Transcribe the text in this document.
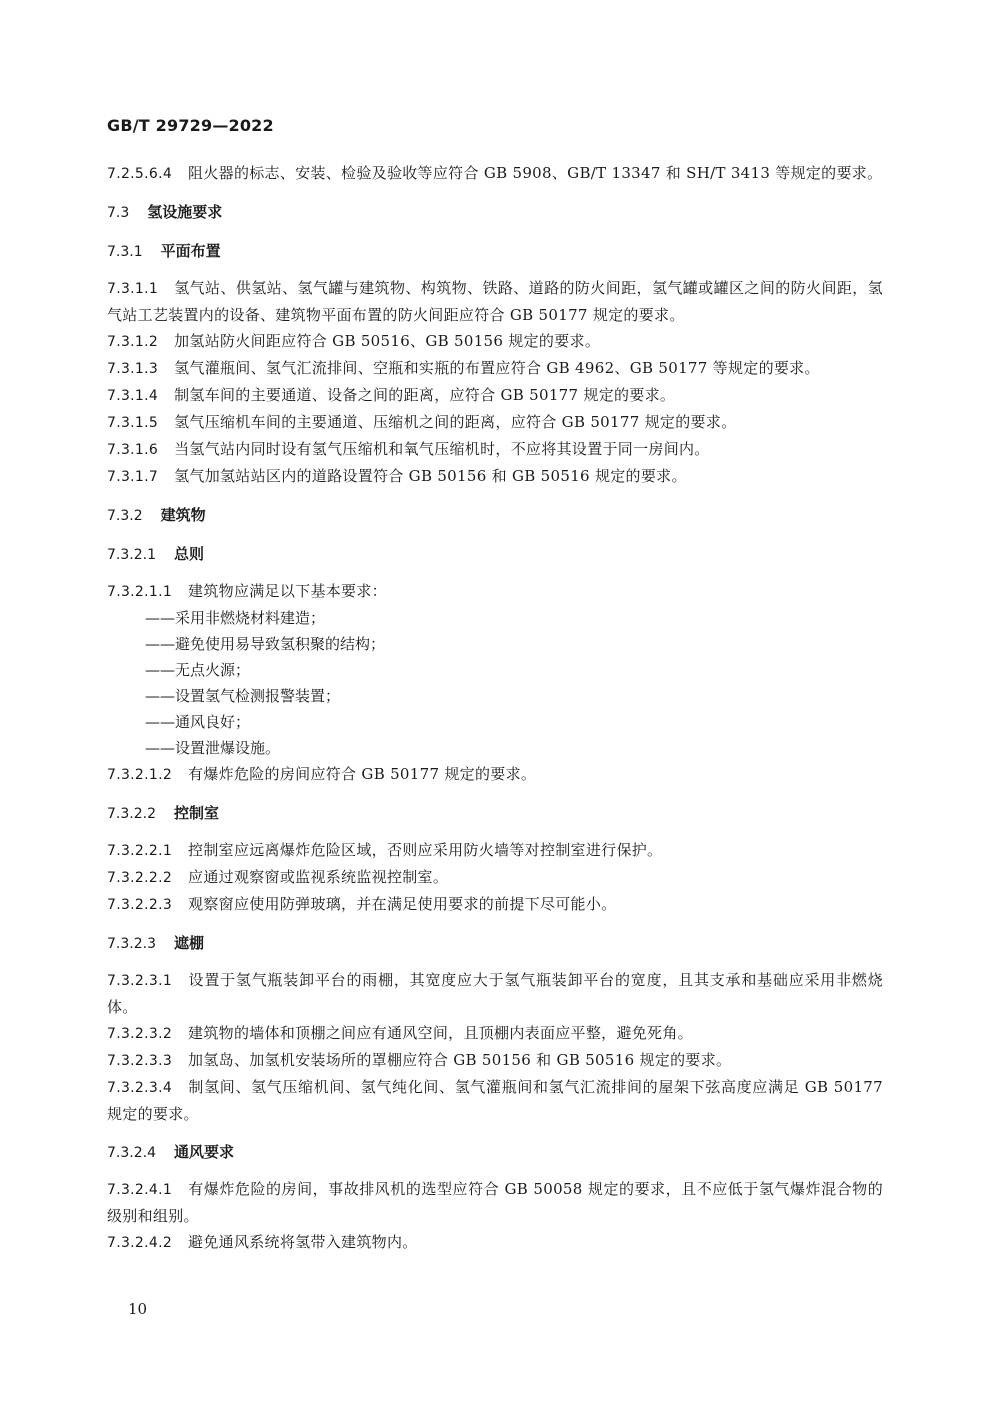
GB/T 29729—2022
7.2.5.6.4 阻火器的标志、安装、检验及验收等应符合 GB 5908、GB/T 13347 和 SH/T 3413 等规定的要求。
7.3 氢设施要求
7.3.1 平面布置
7.3.1.1 氢气站、供氢站、氢气罐与建筑物、构筑物、铁路、道路的防火间距，氢气罐或罐区之间的防火间距，氢气站工艺装置内的设备、建筑物平面布置的防火间距应符合 GB 50177 规定的要求。
7.3.1.2 加氢站防火间距应符合 GB 50516、GB 50156 规定的要求。
7.3.1.3 氢气灌瓶间、氢气汇流排间、空瓶和实瓶的布置应符合 GB 4962、GB 50177 等规定的要求。
7.3.1.4 制氢车间的主要通道、设备之间的距离，应符合 GB 50177 规定的要求。
7.3.1.5 氢气压缩机车间的主要通道、压缩机之间的距离，应符合 GB 50177 规定的要求。
7.3.1.6 当氢气站内同时设有氢气压缩机和氧气压缩机时，不应将其设置于同一房间内。
7.3.1.7 氢气加氢站站区内的道路设置符合 GB 50156 和 GB 50516 规定的要求。
7.3.2 建筑物
7.3.2.1 总则
7.3.2.1.1 建筑物应满足以下基本要求：
——采用非燃烧材料建造；
——避免使用易导致氢积聚的结构；
——无点火源；
——设置氢气检测报警装置；
——通风良好；
——设置泄爆设施。
7.3.2.1.2 有爆炸危险的房间应符合 GB 50177 规定的要求。
7.3.2.2 控制室
7.3.2.2.1 控制室应远离爆炸危险区域，否则应采用防火墙等对控制室进行保护。
7.3.2.2.2 应通过观察窗或监视系统监视控制室。
7.3.2.2.3 观察窗应使用防弹玻璃，并在满足使用要求的前提下尽可能小。
7.3.2.3 遮棚
7.3.2.3.1 设置于氢气瓶装卸平台的雨棚，其宽度应大于氢气瓶装卸平台的宽度，且其支承和基础应采用非燃烧体。
7.3.2.3.2 建筑物的墙体和顶棚之间应有通风空间，且顶棚内表面应平整，避免死角。
7.3.2.3.3 加氢岛、加氢机安装场所的罩棚应符合 GB 50156 和 GB 50516 规定的要求。
7.3.2.3.4 制氢间、氢气压缩机间、氢气纯化间、氢气灌瓶间和氢气汇流排间的屋架下弦高度应满足 GB 50177 规定的要求。
7.3.2.4 通风要求
7.3.2.4.1 有爆炸危险的房间，事故排风机的选型应符合 GB 50058 规定的要求，且不应低于氢气爆炸混合物的级别和组别。
7.3.2.4.2 避免通风系统将氢带入建筑物内。
10
